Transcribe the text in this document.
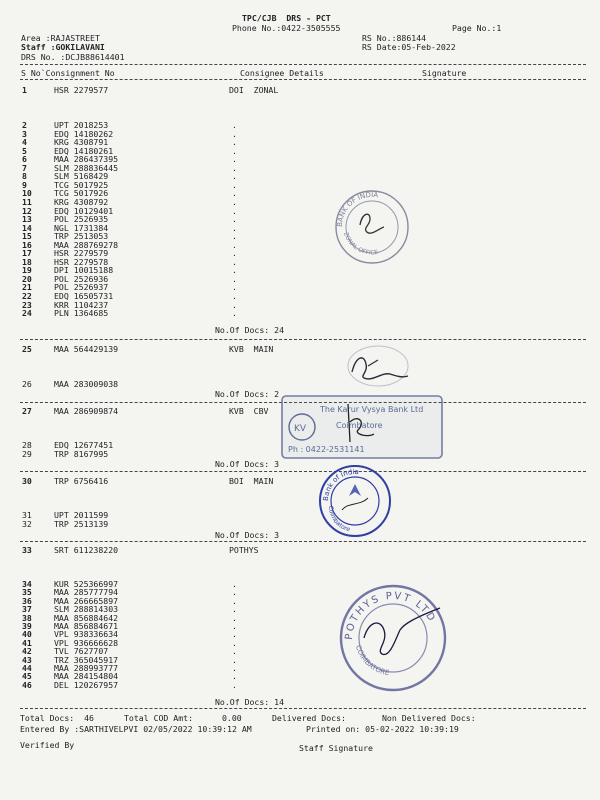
TPC/CJB  DRS - PCT
Phone No.:0422-3505555	Page No.:1
Area :RAJASTREET
Staff :GOKILAVANI
DRS No. :DCJB88614401
RS No.:886144
RS Date:05-Feb-2022
S No`Consignment No	Consignee Details	Signature
DOI  ZONAL
1	HSR 2279577
2	UPT 2018253	.
3	EDQ 14180262	.
4	KRG 4308791	.
5	EDQ 14180261	.
6	MAA 286437395	.
7	SLM 288836445	.
8	SLM 5168429	.
9	TCG 5017925	.
10	TCG 5017926	.
11	KRG 4308792	.
12	EDQ 10129401	.
13	POL 2526935	.
14	NGL 1731384	.
15	TRP 2513053	.
16	MAA 288769278	.
17	HSR 2279579	.
18	HSR 2279578	.
19	DPI 10015188	.
20	POL 2526936	.
21	POL 2526937	.
22	EDQ 16505731	.
23	KRR 1104237	.
24	PLN 1364685	.
No.Of Docs: 24
KVB  MAIN
25	MAA 564429139
26	MAA 283009038
No.Of Docs: 2
KVB  CBV
27	MAA 286909874
28	EDQ 12677451
29	TRP 8167995
No.Of Docs: 3
BOI  MAIN
30	TRP 6756416
31	UPT 2011599
32	TRP 2513139
No.Of Docs: 3
POTHYS
33	SRT 611238220
34	KUR 525366997	.
35	MAA 285777794	.
36	MAA 266665897	.
37	SLM 288814303	.
38	MAA 856884642	.
39	MAA 856884671	.
40	VPL 938336634	.
41	VPL 936666628	.
42	TVL 7627707	.
43	TRZ 365045917	.
44	MAA 288993777	.
45	MAA 284154804	.
46	DEL 120267957	.
No.Of Docs: 14
Total Docs:  46	Total COD Amt:	0.00	Delivered Docs:	Non Delivered Docs:
Entered By :SARTHIVELPVI 02/05/2022 10:39:12 AM	Printed on: 05-02-2022 10:39:19
Verified By	Staff Signature
BANK OF INDIA
ZONAL OFFICE
KV
The Karur Vysya Bank Ltd
Coimbatore
Ph : 0422-2531141
Bank of India
Coimbatore
POTHYS PVT LTD
COIMBATORE
